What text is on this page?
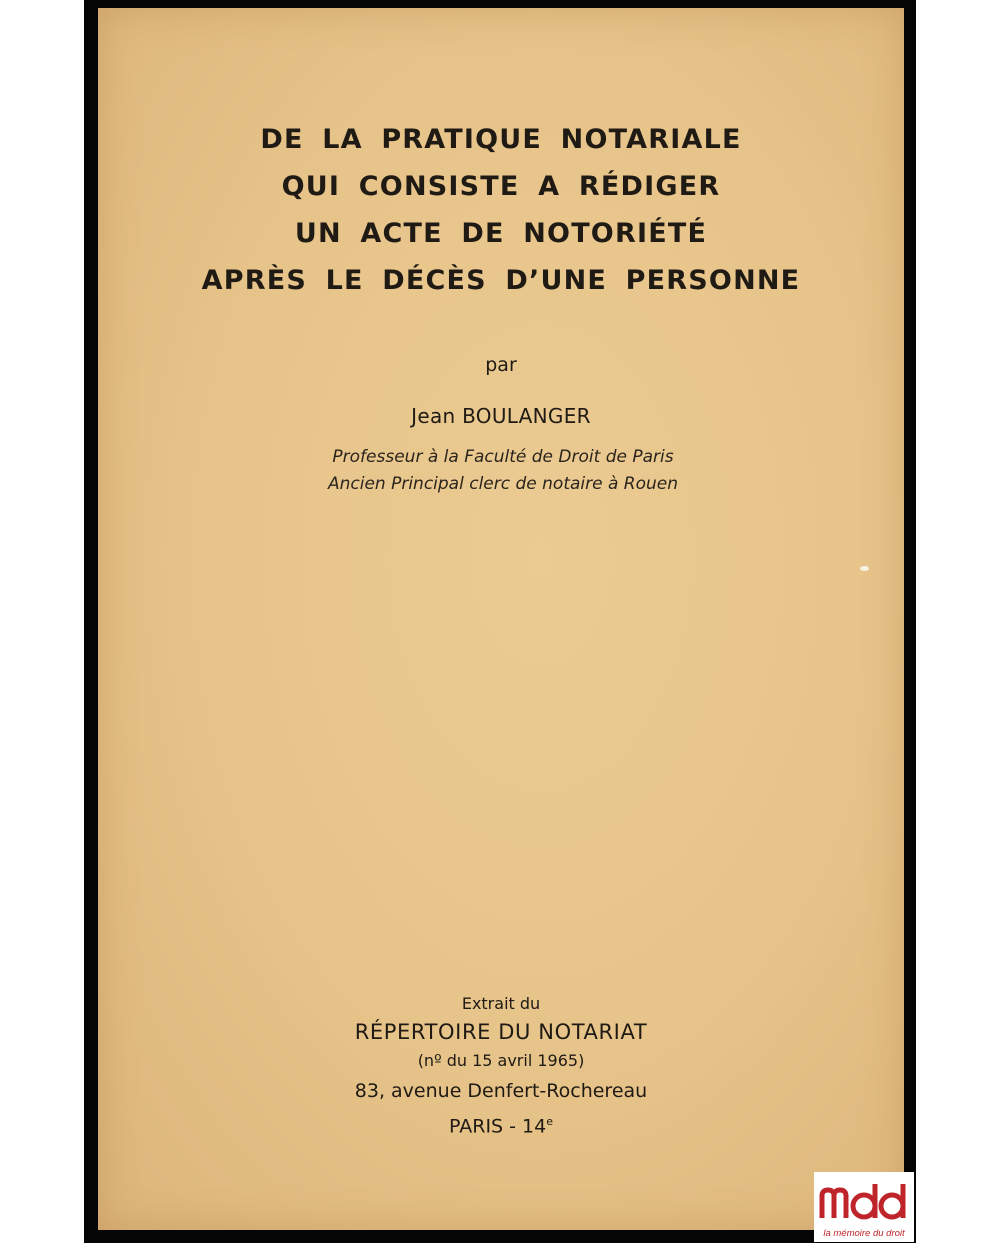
DE LA PRATIQUE NOTARIALE
QUI CONSISTE A RÉDIGER
UN ACTE DE NOTORIÉTÉ
APRÈS LE DÉCÈS D’UNE PERSONNE
par
Jean BOULANGER
Professeur à la Faculté de Droit de Paris
Ancien Principal clerc de notaire à Rouen
Extrait du
RÉPERTOIRE DU NOTARIAT
(nº du 15 avril 1965)
83, avenue Denfert-Rochereau
PARIS - 14e
la mémoire du droit
